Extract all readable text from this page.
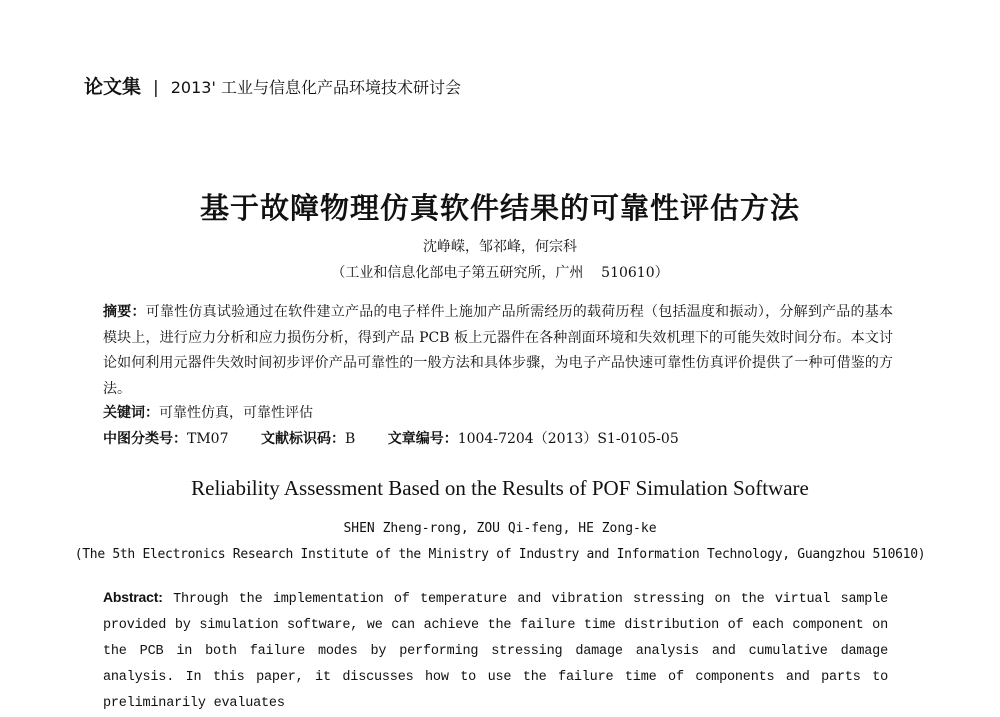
论文集 | 2013' 工业与信息化产品环境技术研讨会
基于故障物理仿真软件结果的可靠性评估方法
沈峥嵘，邹祁峰，何宗科
（工业和信息化部电子第五研究所，广州    510610）
摘要：可靠性仿真试验通过在软件建立产品的电子样件上施加产品所需经历的载荷历程（包括温度和振动），分解到产品的基本模块上，进行应力分析和应力损伤分析，得到产品 PCB 板上元器件在各种剖面环境和失效机理下的可能失效时间分布。本文讨论如何利用元器件失效时间初步评价产品可靠性的一般方法和具体步骤，为电子产品快速可靠性仿真评价提供了一种可借鉴的方法。
关键词：可靠性仿真，可靠性评估
中图分类号：TM07 文献标识码：B 文章编号：1004-7204（2013）S1-0105-05
Reliability Assessment Based on the Results of POF Simulation Software
SHEN Zheng-rong, ZOU Qi-feng, HE Zong-ke
(The 5th Electronics Research Institute of the Ministry of Industry and Information Technology, Guangzhou 510610)
Abstract: Through the implementation of temperature and vibration stressing on the virtual sample provided by simulation software, we can achieve the failure time distribution of each component on the PCB in both failure modes by performing stressing damage analysis and cumulative damage analysis. In this paper, it discusses how to use the failure time of components and parts to preliminarily evaluates
